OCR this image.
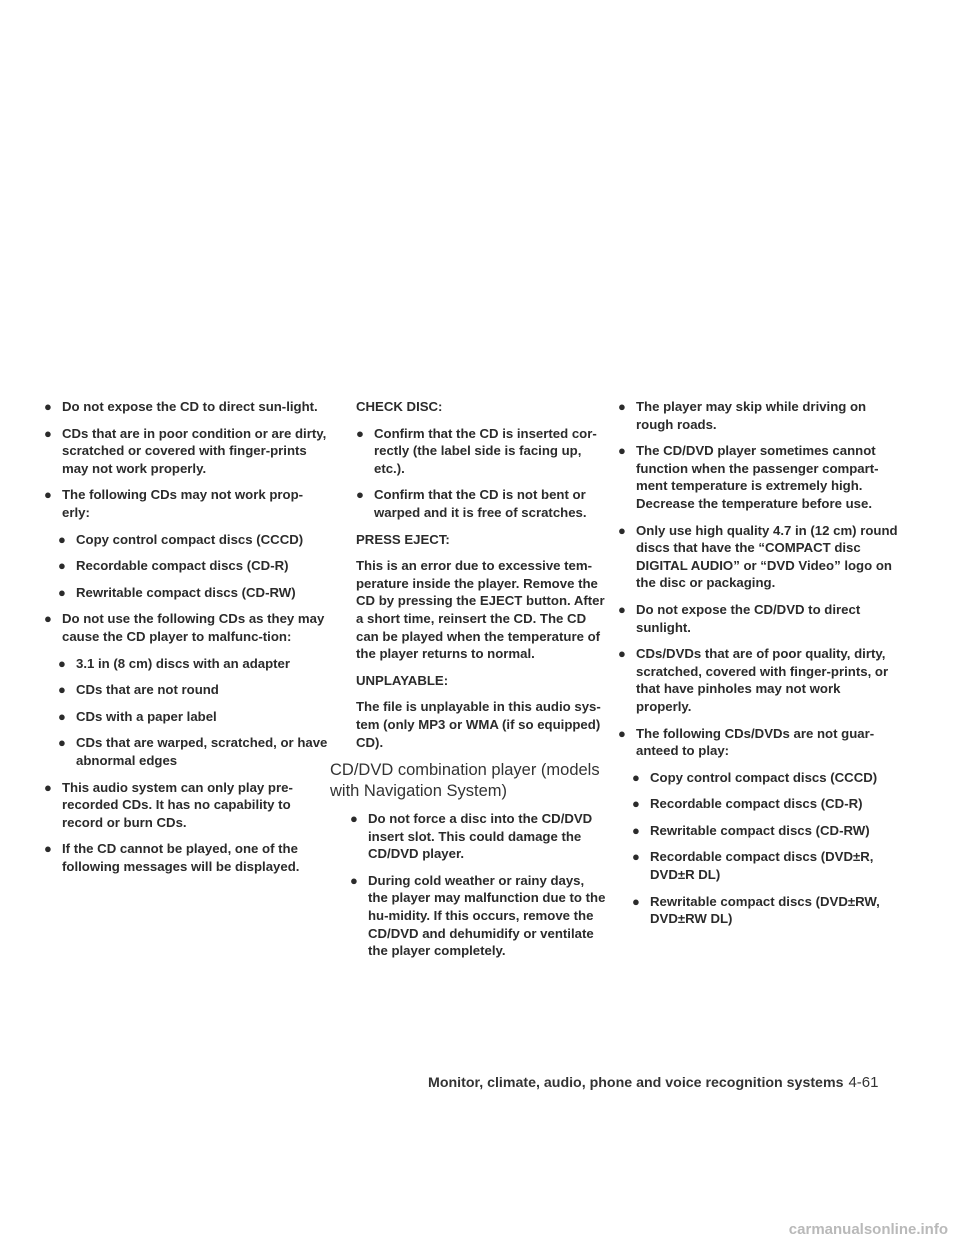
● Do not expose the CD to direct sun-light.
● CDs that are in poor condition or are dirty, scratched or covered with finger-prints may not work properly.
● The following CDs may not work prop-erly:
● Copy control compact discs (CCCD)
● Recordable compact discs (CD-R)
● Rewritable compact discs (CD-RW)
● Do not use the following CDs as they may cause the CD player to malfunc-tion:
● 3.1 in (8 cm) discs with an adapter
● CDs that are not round
● CDs with a paper label
● CDs that are warped, scratched, or have abnormal edges
● This audio system can only play pre-recorded CDs. It has no capability to record or burn CDs.
● If the CD cannot be played, one of the following messages will be displayed.
CHECK DISC:
● Confirm that the CD is inserted cor-rectly (the label side is facing up, etc.).
● Confirm that the CD is not bent or warped and it is free of scratches.
PRESS EJECT:
This is an error due to excessive tem-perature inside the player. Remove the CD by pressing the EJECT button. After a short time, reinsert the CD. The CD can be played when the temperature of the player returns to normal.
UNPLAYABLE:
The file is unplayable in this audio sys-tem (only MP3 or WMA (if so equipped) CD).
CD/DVD combination player (models with Navigation System)
● Do not force a disc into the CD/DVD insert slot. This could damage the CD/DVD player.
● During cold weather or rainy days, the player may malfunction due to the hu-midity. If this occurs, remove the CD/DVD and dehumidify or ventilate the player completely.
● The player may skip while driving on rough roads.
● The CD/DVD player sometimes cannot function when the passenger compart-ment temperature is extremely high. Decrease the temperature before use.
● Only use high quality 4.7 in (12 cm) round discs that have the “COMPACT disc DIGITAL AUDIO” or “DVD Video” logo on the disc or packaging.
● Do not expose the CD/DVD to direct sunlight.
● CDs/DVDs that are of poor quality, dirty, scratched, covered with finger-prints, or that have pinholes may not work properly.
● The following CDs/DVDs are not guar-anteed to play:
● Copy control compact discs (CCCD)
● Recordable compact discs (CD-R)
● Rewritable compact discs (CD-RW)
● Recordable compact discs (DVD±R, DVD±R DL)
● Rewritable compact discs (DVD±RW, DVD±RW DL)
Monitor, climate, audio, phone and voice recognition systems 4-61
carmanualsonline.info
